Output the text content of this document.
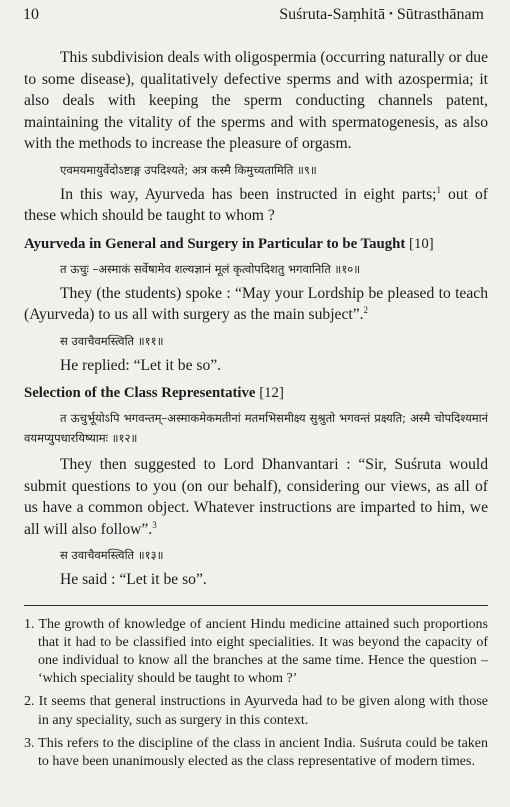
10	Suśruta-Saṃhitā • Sūtrasthānam

This subdivision deals with oligospermia (occurring naturally or due to some disease), qualitatively defective sperms and with azospermia; it also deals with keeping the sperm conducting channels patent, maintaining the vitality of the sperms and with spermatogenesis, as also with the methods to increase the pleasure of orgasm.

एवमयमायुर्वेदोऽष्टाङ्ग उपदिश्यते; अत्र कस्मै किमुच्यतामिति ॥९॥

In this way, Ayurveda has been instructed in eight parts;$^1$ out of these which should be taught to whom ?

Ayurveda in General and Surgery in Particular to be Taught [10]

त ऊचुः –अस्माकं सर्वेषामेव शल्यज्ञानं मूलं कृत्वोपदिशतु भगवानिति ॥१०॥

They (the students) spoke : “May your Lordship be pleased to teach (Ayurveda) to us all with surgery as the main subject”.$^2$

स उवाचैवमस्त्विति ॥११॥

He replied: “Let it be so”.

Selection of the Class Representative [12]

त ऊचुर्भूयोऽपि भगवन्तम्–अस्माकमेकमतीनां मतमभिसमीक्ष्य सुश्रुतो भगवन्तं प्रक्ष्यति; अस्मै चोपदिश्यमानं वयमप्युपधारयिष्यामः ॥१२॥

They then suggested to Lord Dhanvantari : “Sir, Suśruta would submit questions to you (on our behalf), considering our views, as all of us have a common object. Whatever instructions are imparted to him, we all will also follow”.$^3$

स उवाचैवमस्त्विति ॥१३॥

He said : “Let it be so”.

1. The growth of knowledge of ancient Hindu medicine attained such proportions that it had to be classified into eight specialities. It was beyond the capacity of one individual to know all the branches at the same time. Hence the question – ‘which speciality should be taught to whom ?’

2. It seems that general instructions in Ayurveda had to be given along with those in any speciality, such as surgery in this context.

3. This refers to the discipline of the class in ancient India. Suśruta could be taken to have been unanimously elected as the class representative of modern times.
